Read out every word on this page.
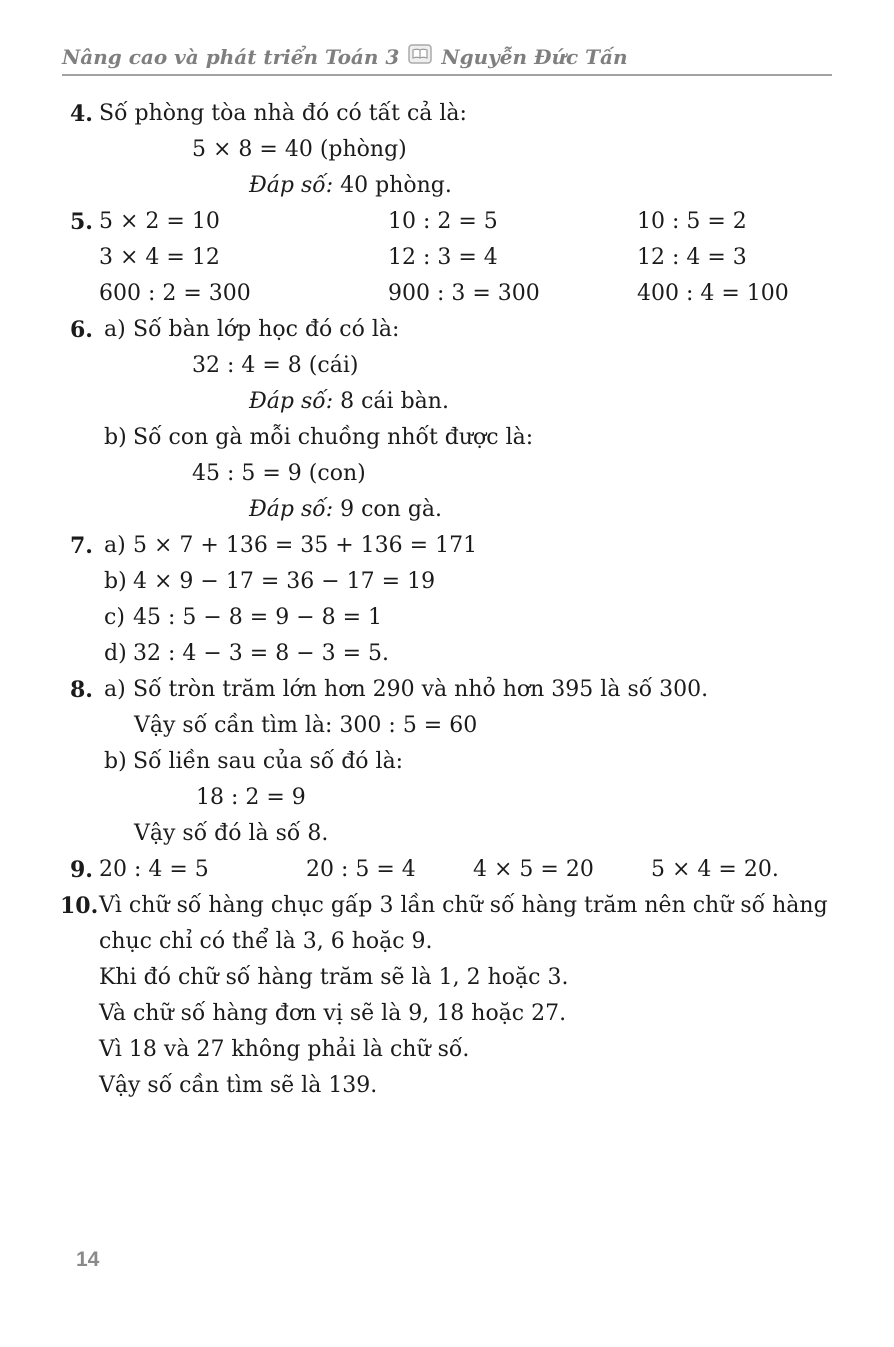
Nâng cao và phát triển Toán 3 Nguyễn Đức Tấn
4. Số phòng tòa nhà đó có tất cả là:
5 × 8 = 40 (phòng)
Đáp số: 40 phòng.
5. 5 × 2 = 10	10 : 2 = 5	10 : 5 = 2
3 × 4 = 12	12 : 3 = 4	12 : 4 = 3
600 : 2 = 300	900 : 3 = 300	400 : 4 = 100
6. a) Số bàn lớp học đó có là:
32 : 4 = 8 (cái)
Đáp số: 8 cái bàn.
b) Số con gà mỗi chuồng nhốt được là:
45 : 5 = 9 (con)
Đáp số: 9 con gà.
7. a) 5 × 7 + 136 = 35 + 136 = 171
b) 4 × 9 − 17 = 36 − 17 = 19
c) 45 : 5 − 8 = 9 − 8 = 1
d) 32 : 4 − 3 = 8 − 3 = 5.
8. a) Số tròn trăm lớn hơn 290 và nhỏ hơn 395 là số 300.
Vậy số cần tìm là: 300 : 5 = 60
b) Số liền sau của số đó là:
18 : 2 = 9
Vậy số đó là số 8.
9. 20 : 4 = 5	20 : 5 = 4	4 × 5 = 20	5 × 4 = 20.
10. Vì chữ số hàng chục gấp 3 lần chữ số hàng trăm nên chữ số hàng
chục chỉ có thể là 3, 6 hoặc 9.
Khi đó chữ số hàng trăm sẽ là 1, 2 hoặc 3.
Và chữ số hàng đơn vị sẽ là 9, 18 hoặc 27.
Vì 18 và 27 không phải là chữ số.
Vậy số cần tìm sẽ là 139.
14
